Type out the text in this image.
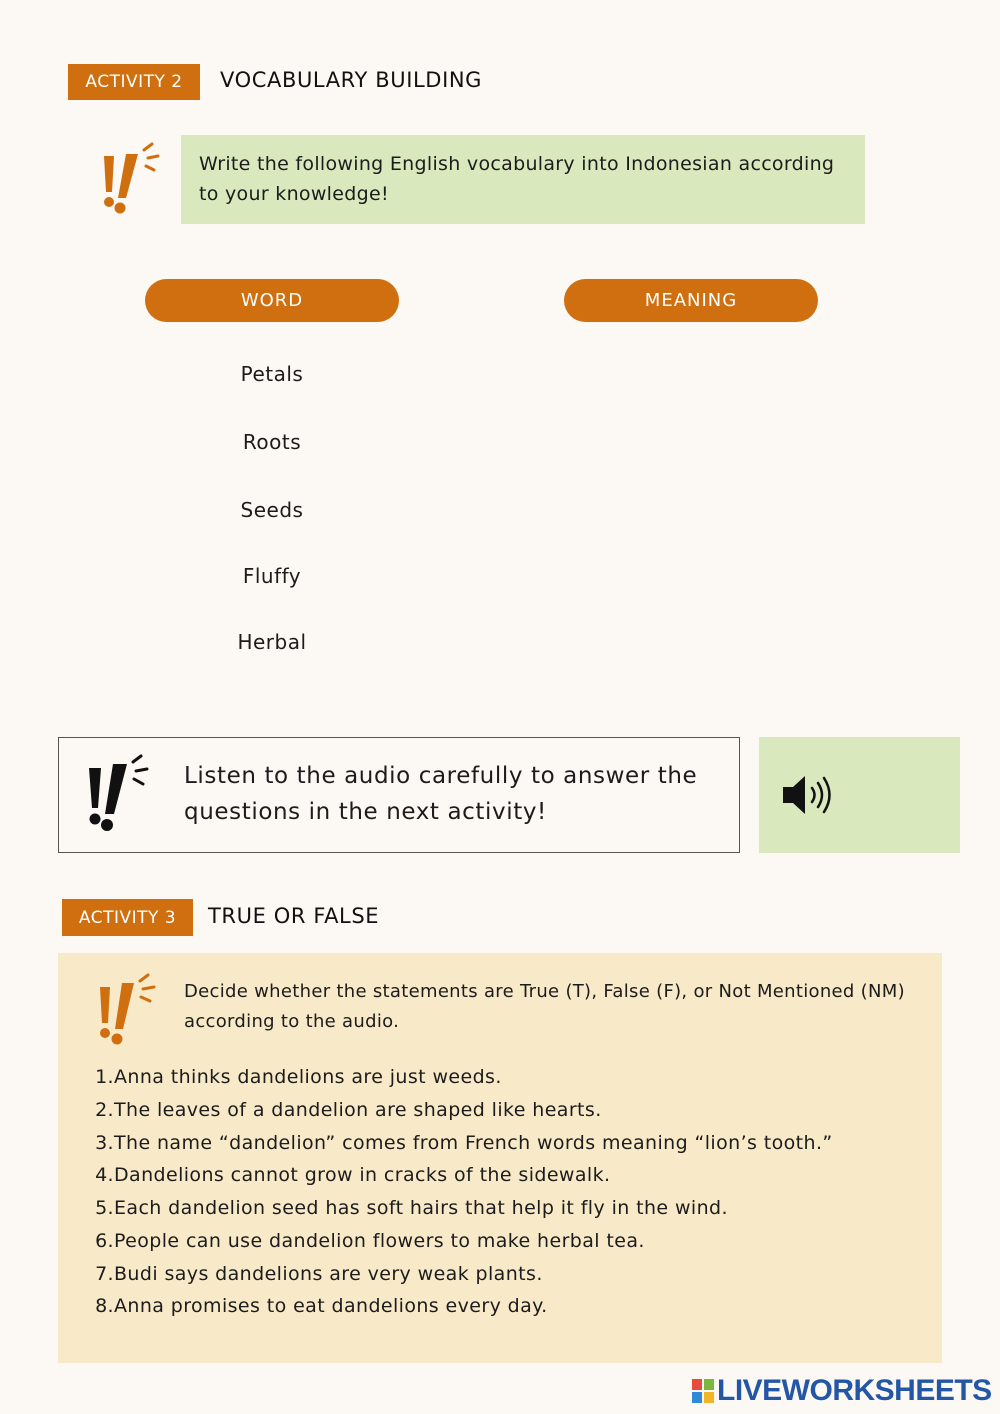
ACTIVITY 2	VOCABULARY BUILDING
Write the following English vocabulary into Indonesian according to your knowledge!
WORD	MEANING
Petals
Roots
Seeds
Fluffy
Herbal
Listen to the audio carefully to answer the questions in the next activity!
ACTIVITY 3	TRUE OR FALSE
Decide whether the statements are True (T), False (F), or Not Mentioned (NM) according to the audio.
1.Anna thinks dandelions are just weeds.
2.The leaves of a dandelion are shaped like hearts.
3.The name “dandelion” comes from French words meaning “lion’s tooth.”
4.Dandelions cannot grow in cracks of the sidewalk.
5.Each dandelion seed has soft hairs that help it fly in the wind.
6.People can use dandelion flowers to make herbal tea.
7.Budi says dandelions are very weak plants.
8.Anna promises to eat dandelions every day.
LIVEWORKSHEETS
